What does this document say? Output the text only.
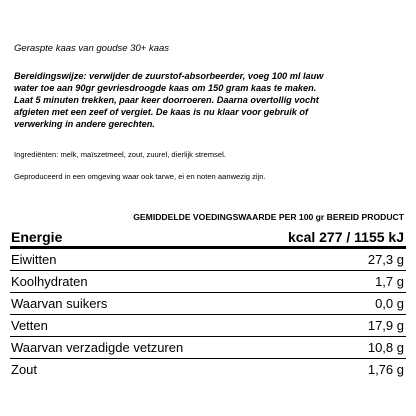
Geraspte kaas van goudse 30+ kaas
Bereidingswijze: verwijder de zuurstof-absorbeerder, voeg 100 ml lauw
water toe aan 90gr gevriesdroogde kaas om 150 gram kaas te maken.
Laat 5 minuten trekken, paar keer doorroeren. Daarna overtollig vocht
afgieten met een zeef of vergiet. De kaas is nu klaar voor gebruik of
verwerking in andere gerechten.
Ingrediënten: melk, maïszetmeel, zout, zuurel, dierlijk stremsel.
Geproduceerd in een omgeving waar ook tarwe, ei en noten aanwezig zijn.
GEMIDDELDE VOEDINGSWAARDE PER 100 gr BEREID PRODUCT
Energie	kcal 277 / 1155 kJ
Eiwitten	27,3 g
Koolhydraten	1,7 g
Waarvan suikers	0,0 g
Vetten	17,9 g
Waarvan verzadigde vetzuren	10,8 g
Zout	1,76 g
